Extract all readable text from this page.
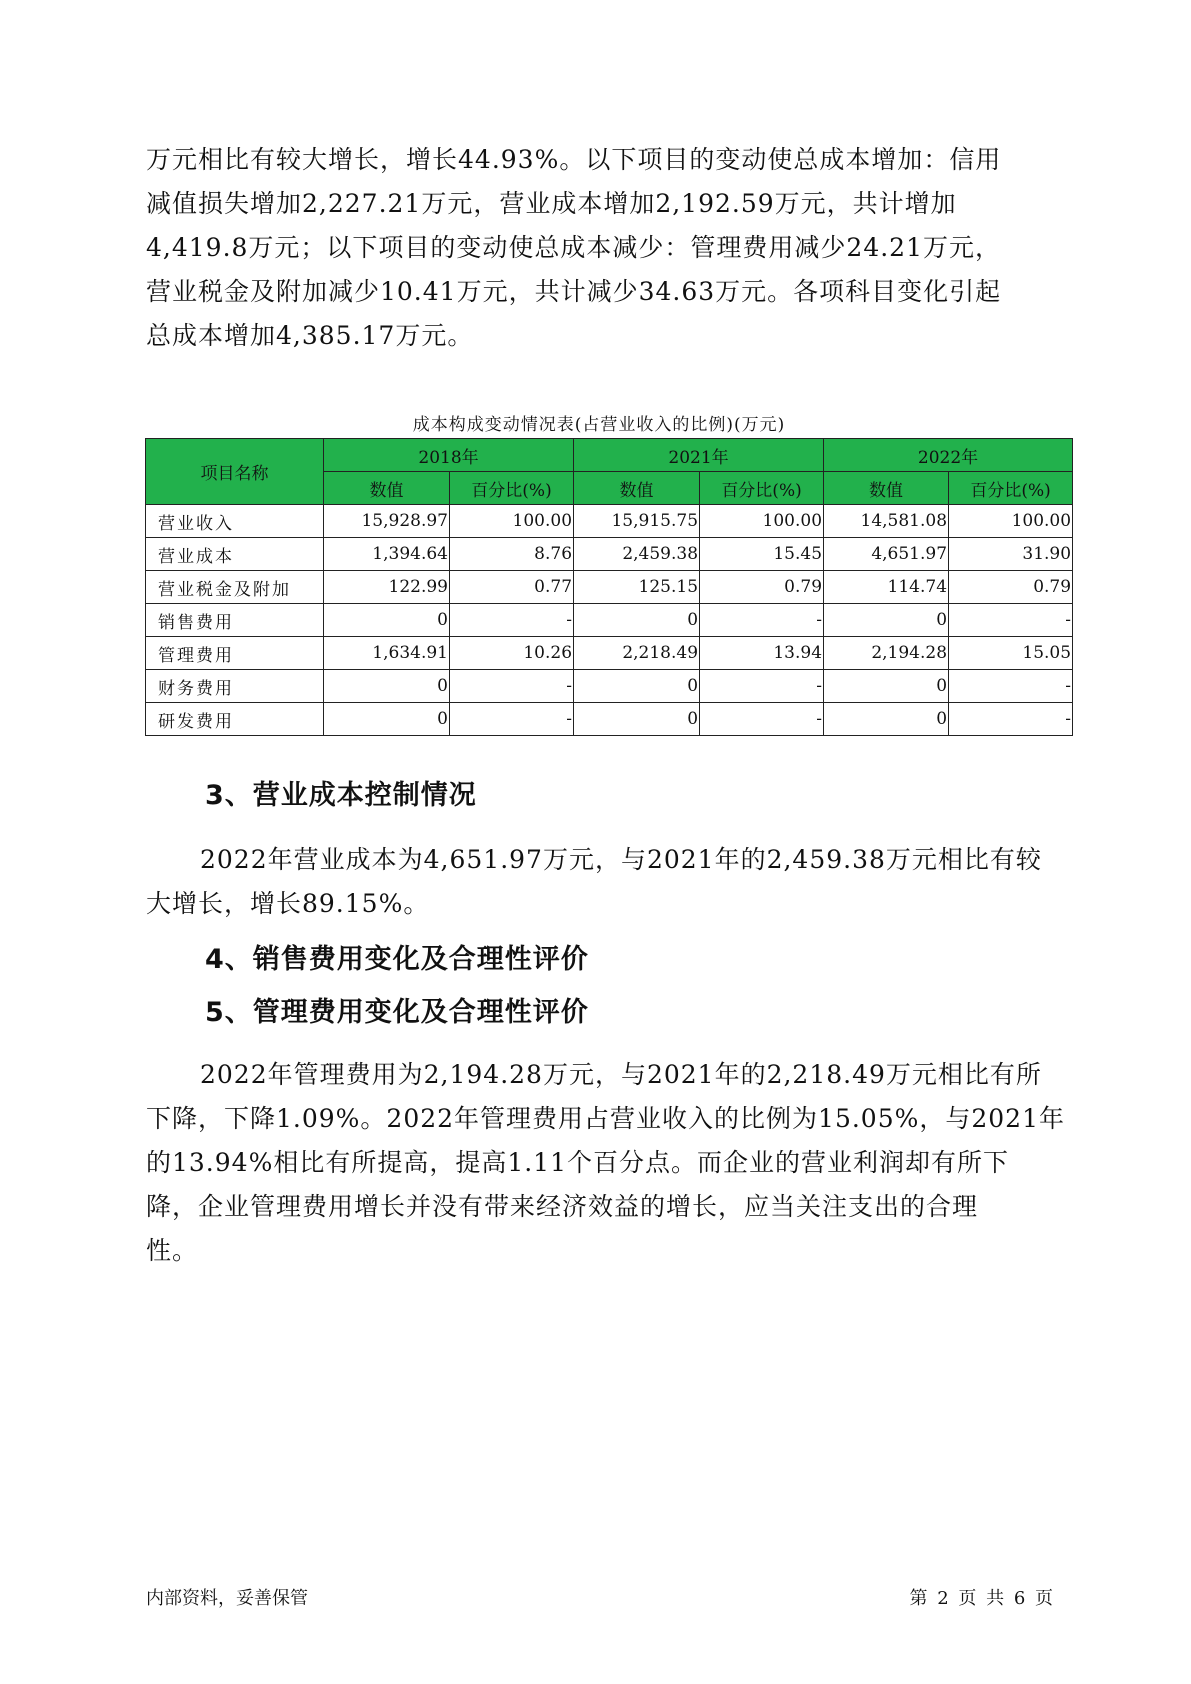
万元相比有较大增长，增长44.93%。以下项目的变动使总成本增加：信用
减值损失增加2,227.21万元，营业成本增加2,192.59万元，共计增加
4,419.8万元；以下项目的变动使总成本减少：管理费用减少24.21万元，
营业税金及附加减少10.41万元，共计减少34.63万元。各项科目变化引起
总成本增加4,385.17万元。
成本构成变动情况表(占营业收入的比例)(万元)
项目名称	2018年		2021年		2022年	
	数值	百分比(%)	数值	百分比(%)	数值	百分比(%)
营业收入	15,928.97	100.00	15,915.75	100.00	14,581.08	100.00
营业成本	1,394.64	8.76	2,459.38	15.45	4,651.97	31.90
营业税金及附加	122.99	0.77	125.15	0.79	114.74	0.79
销售费用	0	-	0	-	0	-
管理费用	1,634.91	10.26	2,218.49	13.94	2,194.28	15.05
财务费用	0	-	0	-	0	-
研发费用	0	-	0	-	0	-
3、营业成本控制情况
2022年营业成本为4,651.97万元，与2021年的2,459.38万元相比有较
大增长，增长89.15%。
4、销售费用变化及合理性评价
5、管理费用变化及合理性评价
2022年管理费用为2,194.28万元，与2021年的2,218.49万元相比有所
下降，下降1.09%。2022年管理费用占营业收入的比例为15.05%，与2021年
的13.94%相比有所提高，提高1.11个百分点。而企业的营业利润却有所下
降，企业管理费用增长并没有带来经济效益的增长，应当关注支出的合理
性。
内部资料，妥善保管	第 2 页 共 6 页
